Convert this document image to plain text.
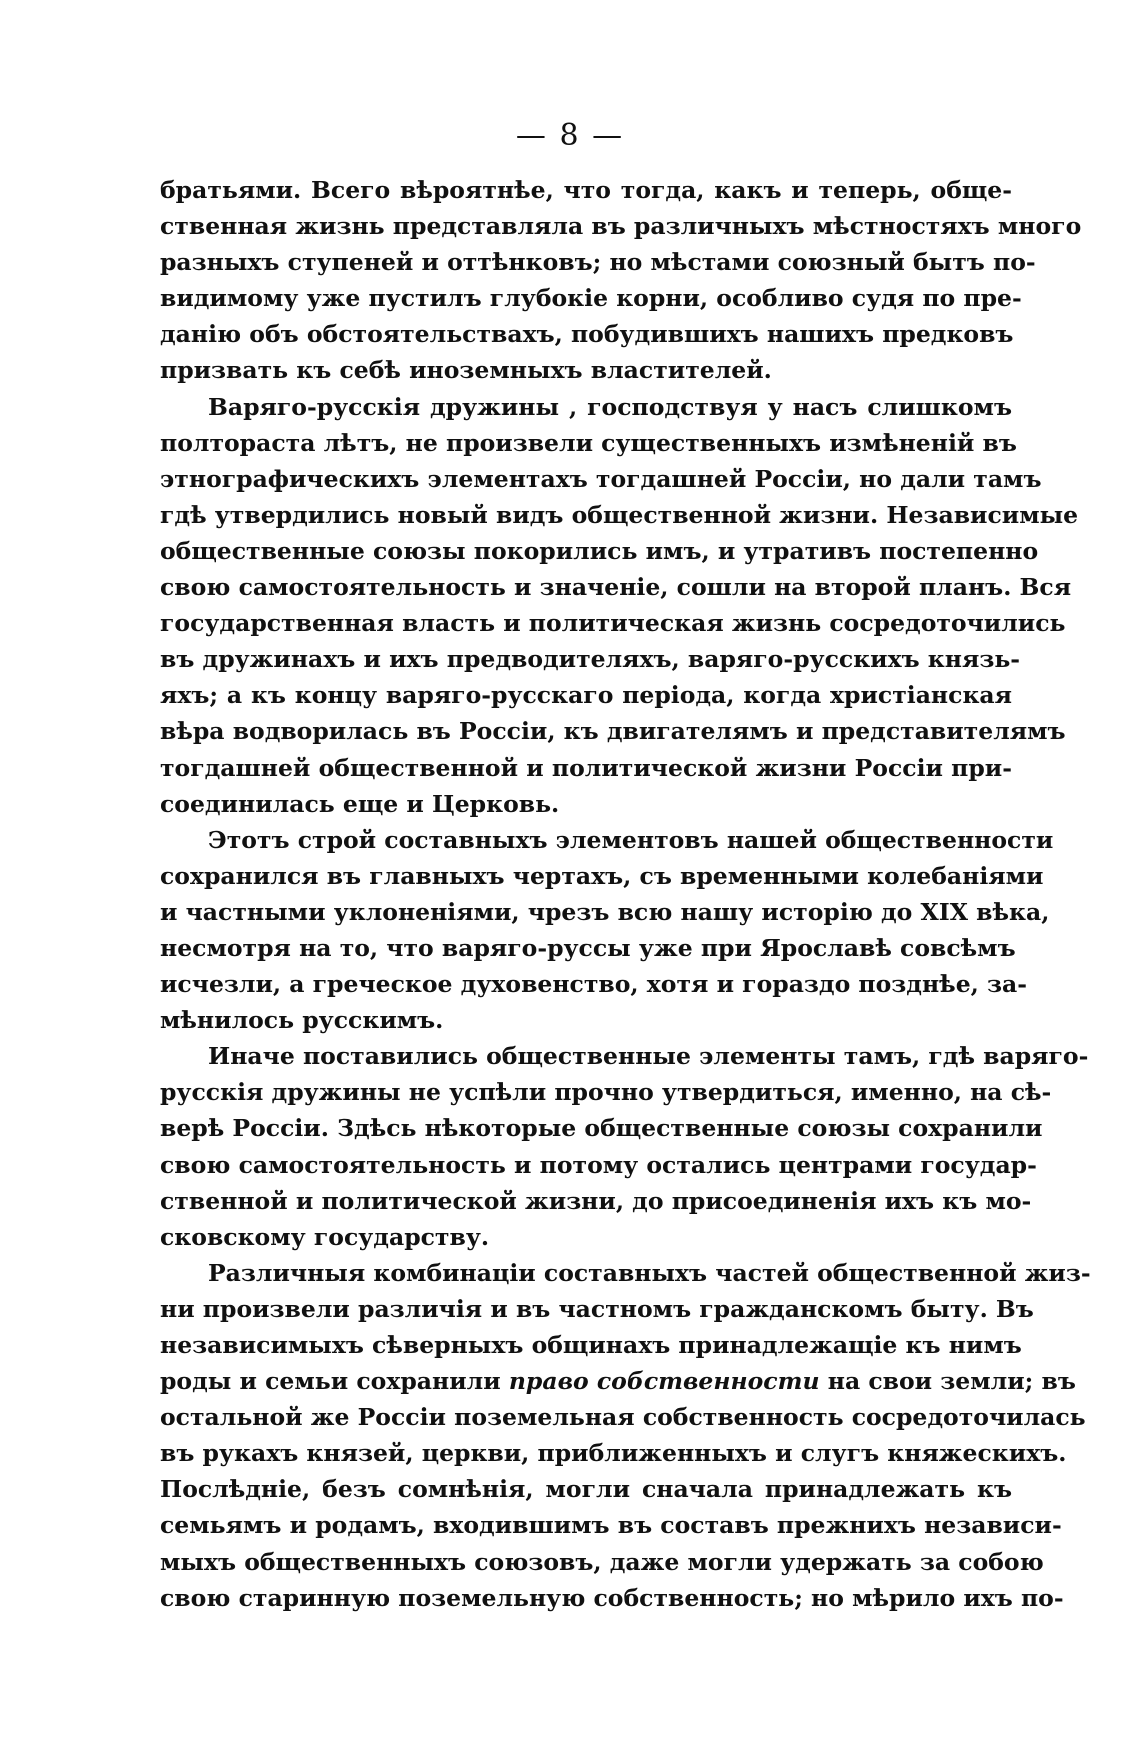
— 8 —
братьями. Всего вѣроятнѣе, что тогда, какъ и теперь, обще-
ственная жизнь представляла въ различныхъ мѣстностяхъ много
разныхъ ступеней и оттѣнковъ; но мѣстами союзный бытъ по-
видимому уже пустилъ глубокіе корни, особливо судя по пре-
данію объ обстоятельствахъ, побудившихъ нашихъ предковъ
призвать къ себѣ иноземныхъ властителей.
Варяго-русскія дружины , господствуя у насъ слишкомъ
полтораста лѣтъ, не произвели существенныхъ измѣненій въ
этнографическихъ элементахъ тогдашней Россіи, но дали тамъ
гдѣ утвердились новый видъ общественной жизни. Независимые
общественные союзы покорились имъ, и утративъ постепенно
свою самостоятельность и значеніе, сошли на второй планъ. Вся
государственная власть и политическая жизнь сосредоточились
въ дружинахъ и ихъ предводителяхъ, варяго-русскихъ князь-
яхъ; а къ концу варяго-русскаго періода, когда христіанская
вѣра водворилась въ Россіи, къ двигателямъ и представителямъ
тогдашней общественной и политической жизни Россіи при-
соединилась еще и Церковь.
Этотъ строй составныхъ элементовъ нашей общественности
сохранился въ главныхъ чертахъ, съ временными колебаніями
и частными уклоненіями, чрезъ всю нашу исторію до XIX вѣка,
несмотря на то, что варяго-руссы уже при Ярославѣ совсѣмъ
исчезли, а греческое духовенство, хотя и гораздо позднѣе, за-
мѣнилось русскимъ.
Иначе поставились общественные элементы тамъ, гдѣ варяго-
русскія дружины не успѣли прочно утвердиться, именно, на сѣ-
верѣ Россіи. Здѣсь нѣкоторые общественные союзы сохранили
свою самостоятельность и потому остались центрами государ-
ственной и политической жизни, до присоединенія ихъ къ мо-
сковскому государству.
Различныя комбинаціи составныхъ частей общественной жиз-
ни произвели различія и въ частномъ гражданскомъ быту. Въ
независимыхъ сѣверныхъ общинахъ принадлежащіе къ нимъ
роды и семьи сохранили право собственности на свои земли; въ
остальной же Россіи поземельная собственность сосредоточилась
въ рукахъ князей, церкви, приближенныхъ и слугъ княжескихъ.
Послѣдніе, безъ сомнѣнія, могли сначала принадлежать къ
семьямъ и родамъ, входившимъ въ составъ прежнихъ независи-
мыхъ общественныхъ союзовъ, даже могли удержать за собою
свою старинную поземельную собственность; но мѣрило ихъ по-
